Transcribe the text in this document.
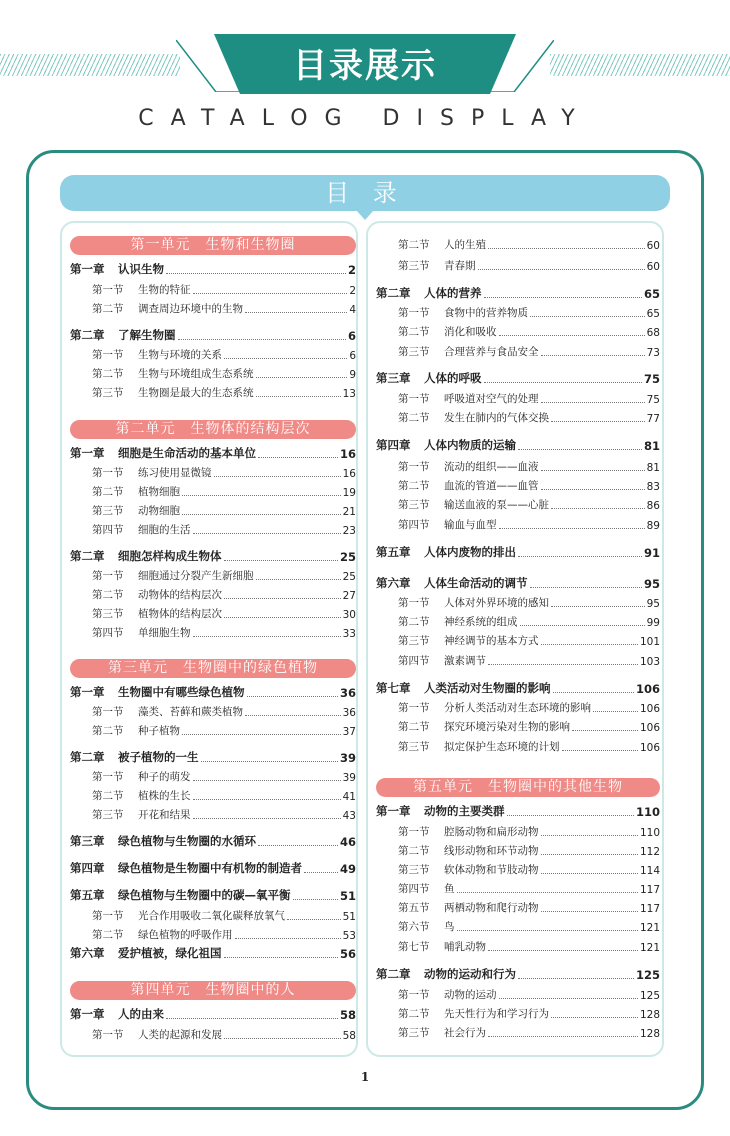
目录展示
CATALOG DISPLAY
目 录
第一单元　生物和生物圈
第一章	认识生物	2
第一节	生物的特征	2
第二节	调查周边环境中的生物	4
第二章	了解生物圈	6
第一节	生物与环境的关系	6
第二节	生物与环境组成生态系统	9
第三节	生物圈是最大的生态系统	13
第二单元　生物体的结构层次
第一章	细胞是生命活动的基本单位	16
第一节	练习使用显微镜	16
第二节	植物细胞	19
第三节	动物细胞	21
第四节	细胞的生活	23
第二章	细胞怎样构成生物体	25
第一节	细胞通过分裂产生新细胞	25
第二节	动物体的结构层次	27
第三节	植物体的结构层次	30
第四节	单细胞生物	33
第三单元　生物圈中的绿色植物
第一章	生物圈中有哪些绿色植物	36
第一节	藻类、苔藓和蕨类植物	36
第二节	种子植物	37
第二章	被子植物的一生	39
第一节	种子的萌发	39
第二节	植株的生长	41
第三节	开花和结果	43
第三章	绿色植物与生物圈的水循环	46
第四章	绿色植物是生物圈中有机物的制造者	49
第五章	绿色植物与生物圈中的碳—氧平衡	51
第一节	光合作用吸收二氧化碳释放氧气	51
第二节	绿色植物的呼吸作用	53
第六章	爱护植被，绿化祖国	56
第四单元　生物圈中的人
第一章	人的由来	58
第一节	人类的起源和发展	58
第二节	人的生殖	60
第三节	青春期	60
第二章	人体的营养	65
第一节	食物中的营养物质	65
第二节	消化和吸收	68
第三节	合理营养与食品安全	73
第三章	人体的呼吸	75
第一节	呼吸道对空气的处理	75
第二节	发生在肺内的气体交换	77
第四章	人体内物质的运输	81
第一节	流动的组织——血液	81
第二节	血流的管道——血管	83
第三节	输送血液的泵——心脏	86
第四节	输血与血型	89
第五章	人体内废物的排出	91
第六章	人体生命活动的调节	95
第一节	人体对外界环境的感知	95
第二节	神经系统的组成	99
第三节	神经调节的基本方式	101
第四节	激素调节	103
第七章	人类活动对生物圈的影响	106
第一节	分析人类活动对生态环境的影响	106
第二节	探究环境污染对生物的影响	106
第三节	拟定保护生态环境的计划	106
第五单元　生物圈中的其他生物
第一章	动物的主要类群	110
第一节	腔肠动物和扁形动物	110
第二节	线形动物和环节动物	112
第三节	软体动物和节肢动物	114
第四节	鱼	117
第五节	两栖动物和爬行动物	117
第六节	鸟	121
第七节	哺乳动物	121
第二章	动物的运动和行为	125
第一节	动物的运动	125
第二节	先天性行为和学习行为	128
第三节	社会行为	128
1
